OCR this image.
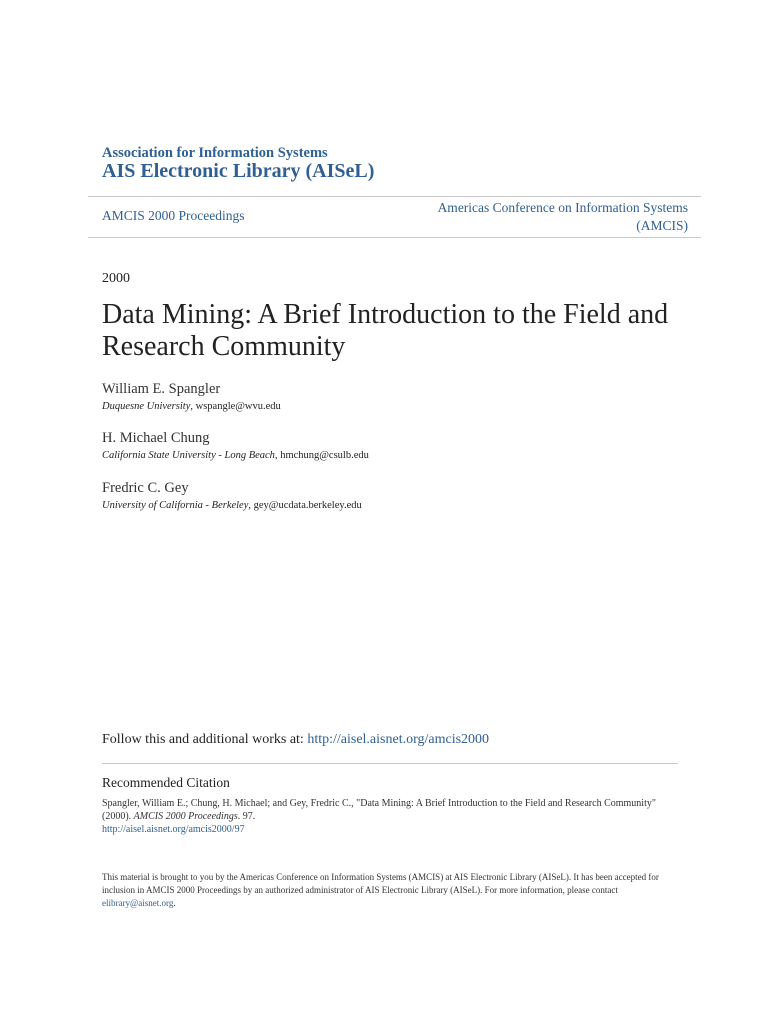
Association for Information Systems
AIS Electronic Library (AISeL)
AMCIS 2000 Proceedings
Americas Conference on Information Systems
(AMCIS)
2000
Data Mining: A Brief Introduction to the Field and Research Community
William E. Spangler
Duquesne University, wspangle@wvu.edu
H. Michael Chung
California State University - Long Beach, hmchung@csulb.edu
Fredric C. Gey
University of California - Berkeley, gey@ucdata.berkeley.edu
Follow this and additional works at: http://aisel.aisnet.org/amcis2000
Recommended Citation
Spangler, William E.; Chung, H. Michael; and Gey, Fredric C., "Data Mining: A Brief Introduction to the Field and Research Community" (2000). AMCIS 2000 Proceedings. 97.
http://aisel.aisnet.org/amcis2000/97
This material is brought to you by the Americas Conference on Information Systems (AMCIS) at AIS Electronic Library (AISeL). It has been accepted for inclusion in AMCIS 2000 Proceedings by an authorized administrator of AIS Electronic Library (AISeL). For more information, please contact elibrary@aisnet.org.
